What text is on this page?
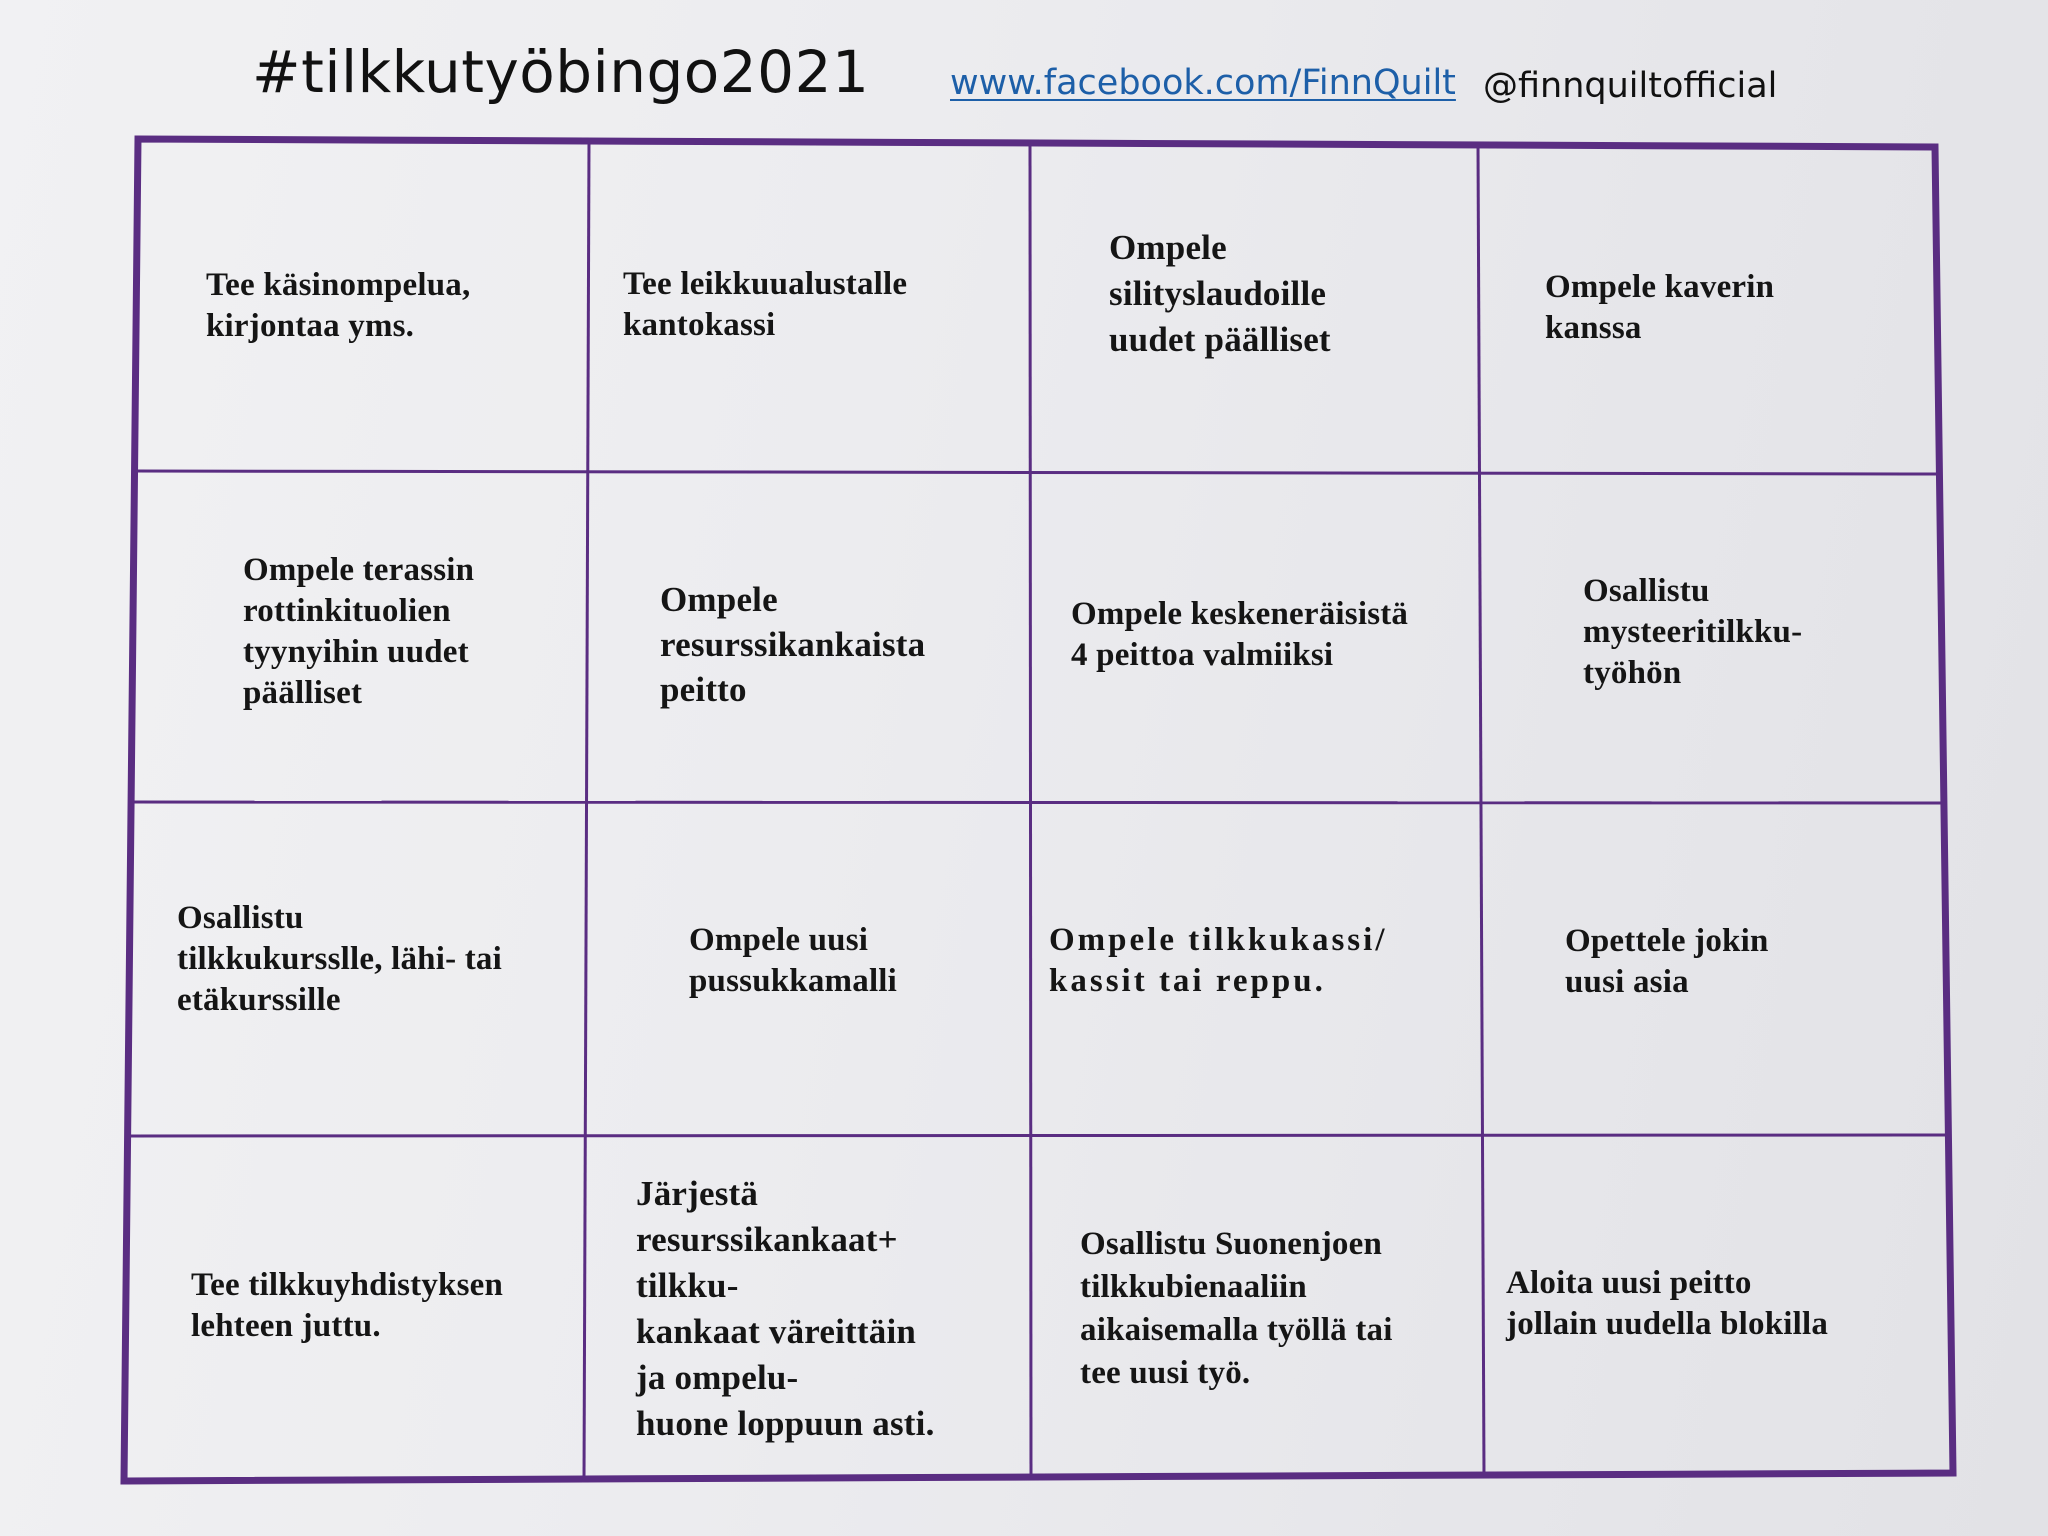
#tilkkutyöbingo2021 www.facebook.com/FinnQuilt @finnquiltofficial
Tee käsinompelua,
kirjontaa yms.
Tee leikkuualustalle
kantokassi
Ompele
silityslaudoille
uudet päälliset
Ompele kaverin
kanssa
Ompele terassin
rottinkituolien
tyynyihin uudet
päälliset
Ompele
resurssikankaista
peitto
Ompele keskeneräisistä
4 peittoa valmiiksi
Osallistu
mysteeritilkku-
työhön
Osallistu
tilkkukursslle, lähi- tai
etäkurssille
Ompele uusi
pussukkamalli
Ompele tilkkukassi/
kassit tai reppu.
Opettele jokin
uusi asia
Tee tilkkuyhdistyksen
lehteen juttu.
Järjestä
resurssikankaat+
tilkku-
kankaat väreittäin
ja ompelu-
huone loppuun asti.
Osallistu Suonenjoen
tilkkubienaaliin
aikaisemalla työllä tai
tee uusi työ.
Aloita uusi peitto
jollain uudella blokilla
